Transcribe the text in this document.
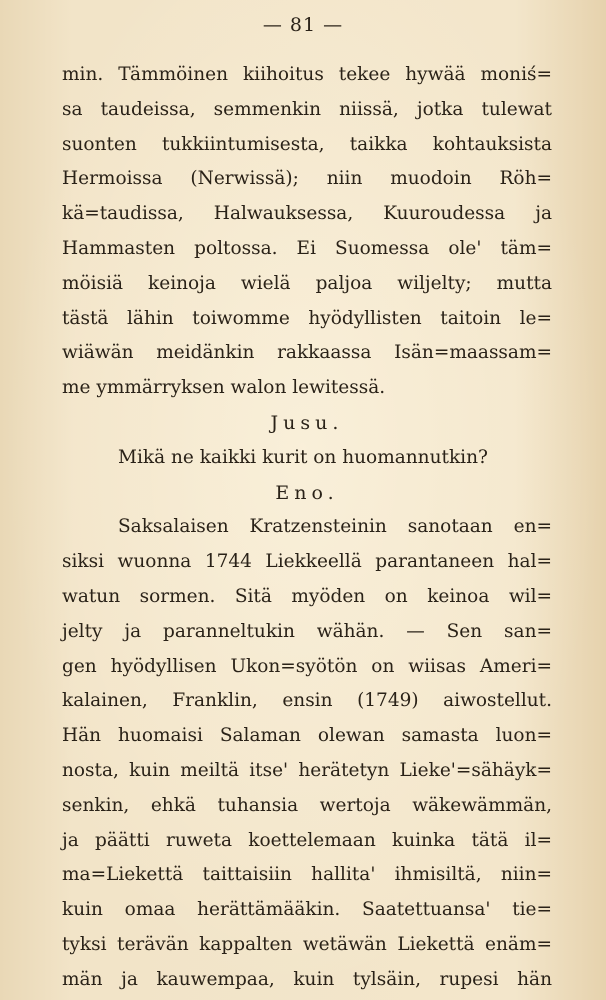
— 81 —
min. Tämmöinen kiihoitus tekee hywää moniś=
sa taudeissa, semmenkin niissä, jotka tulewat
suonten tukkiintumisesta, taikka kohtauksista
Hermoissa (Nerwissä); niin muodoin Röh=
kä=taudissa, Halwauksessa, Kuuroudessa ja
Hammasten poltossa. Ei Suomessa ole' täm=
möisiä keinoja wielä paljoa wiljelty; mutta
tästä lähin toiwomme hyödyllisten taitoin le=
wiäwän meidänkin rakkaassa Isän=maassam=
me ymmärryksen walon lewitessä.
Jusu.
Mikä ne kaikki kurit on huomannutkin?
Eno.
Saksalaisen Kratzensteinin sanotaan en=
siksi wuonna 1744 Liekkeellä parantaneen hal=
watun sormen. Sitä myöden on keinoa wil=
jelty ja paranneltukin wähän. — Sen san=
gen hyödyllisen Ukon=syötön on wiisas Ameri=
kalainen, Franklin, ensin (1749) aiwostellut.
Hän huomaisi Salaman olewan samasta luon=
nosta, kuin meiltä itse' herätetyn Lieke'=sähäyk=
senkin, ehkä tuhansia wertoja wäkewämmän,
ja päätti ruweta koettelemaan kuinka tätä il=
ma=Liekettä taittaisiin hallita' ihmisiltä, niin=
kuin omaa herättämääkin. Saatettuansa' tie=
tyksi terävän kappalten wetäwän Liekettä enäm=
män ja kauwempaa, kuin tylsäin, rupesi hän
